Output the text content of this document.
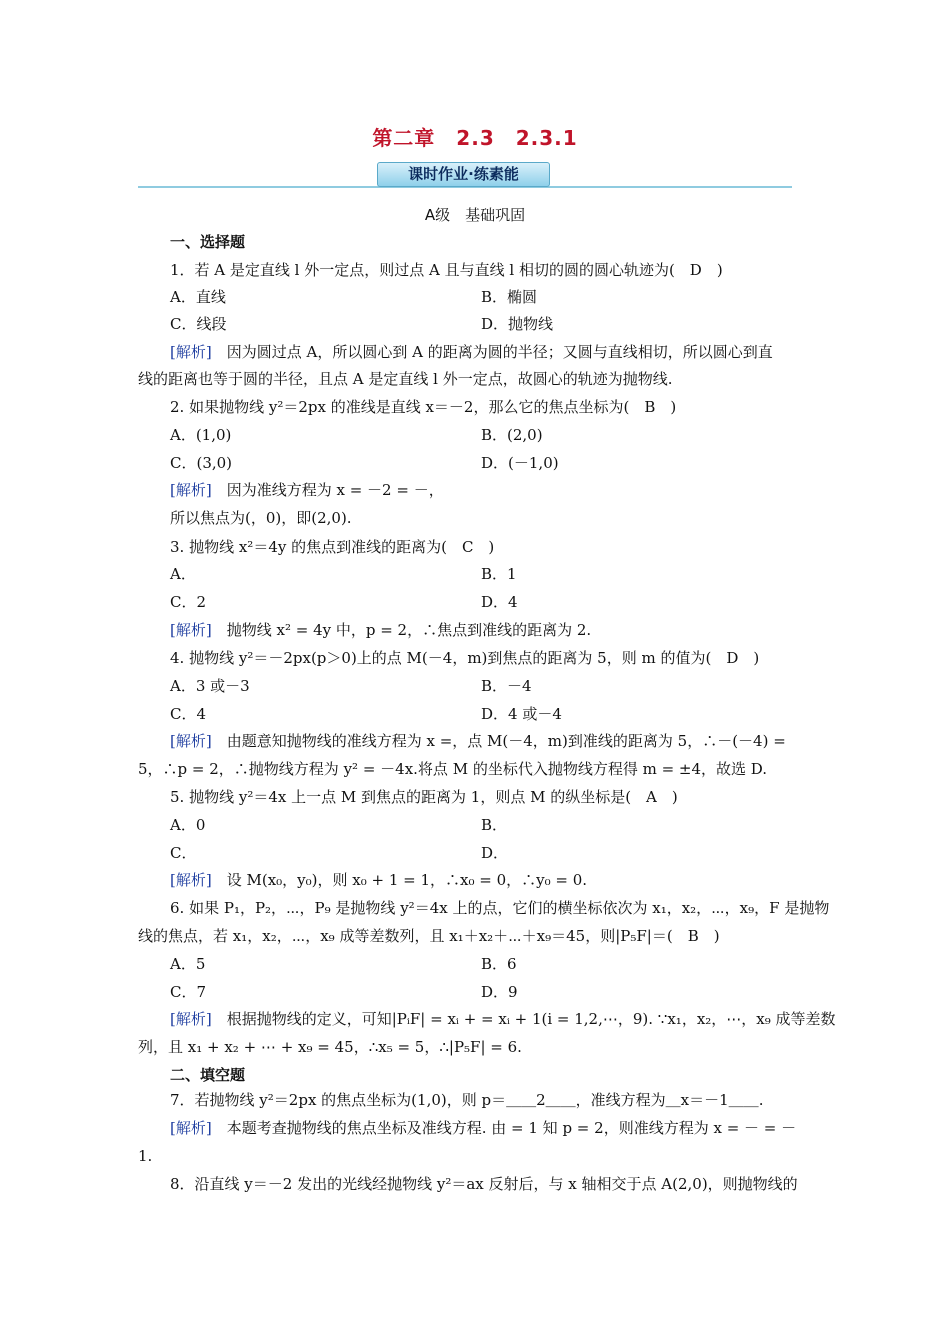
第二章　2.3　2.3.1
课时作业·练素能
A级　基础巩固
一、选择题
1．若 A 是定直线 l 外一定点，则过点 A 且与直线 l 相切的圆的圆心轨迹为(　D　)
A．直线	B．椭圆
C．线段	D．抛物线
[解析]　因为圆过点 A，所以圆心到 A 的距离为圆的半径；又圆与直线相切，所以圆心到直
线的距离也等于圆的半径，且点 A 是定直线 l 外一定点，故圆心的轨迹为抛物线.
2. 如果抛物线 y²＝2px 的准线是直线 x＝－2，那么它的焦点坐标为(　B　)
A．(1,0)	B．(2,0)
C．(3,0)	D．(－1,0)
[解析]　因为准线方程为 x = －2 = －，
所以焦点为(，0)，即(2,0).
3. 抛物线 x²＝4y 的焦点到准线的距离为(　C　)
A．	B．1
C．2	D．4
[解析]　抛物线 x² = 4y 中，p = 2，∴焦点到准线的距离为 2.
4. 抛物线 y²＝－2px(p＞0)上的点 M(－4，m)到焦点的距离为 5，则 m 的值为(　D　)
A．3 或－3	B．－4
C．4	D．4 或－4
[解析]　由题意知抛物线的准线方程为 x =，点 M(－4，m)到准线的距离为 5，∴－(－4) =
5，∴p = 2，∴抛物线方程为 y² = －4x.将点 M 的坐标代入抛物线方程得 m = ±4，故选 D.
5. 抛物线 y²＝4x 上一点 M 到焦点的距离为 1，则点 M 的纵坐标是(　A　)
A．0	B．
C．	D．
[解析]　设 M(x₀，y₀)，则 x₀ + 1 = 1，∴x₀ = 0，∴y₀ = 0.
6. 如果 P₁，P₂，⋯，P₉ 是抛物线 y²＝4x 上的点，它们的横坐标依次为 x₁，x₂，⋯，x₉，F 是抛物
线的焦点，若 x₁，x₂，⋯，x₉ 成等差数列，且 x₁＋x₂＋⋯＋x₉＝45，则|P₅F|＝(　B　)
A．5	B．6
C．7	D．9
[解析]　根据抛物线的定义，可知|PᵢF| = xᵢ + = xᵢ + 1(i = 1,2,⋯，9). ∵x₁，x₂，⋯，x₉ 成等差数
列，且 x₁ + x₂ + ⋯ + x₉ = 45，∴x₅ = 5，∴|P₅F| = 6.
二、填空题
7．若抛物线 y²＝2px 的焦点坐标为(1,0)，则 p＝＿＿2＿＿，准线方程为＿x＝－1＿＿.
[解析]　本题考查抛物线的焦点坐标及准线方程. 由 = 1 知 p = 2，则准线方程为 x = － = －
1.
8．沿直线 y＝－2 发出的光线经抛物线 y²＝ax 反射后，与 x 轴相交于点 A(2,0)，则抛物线的
